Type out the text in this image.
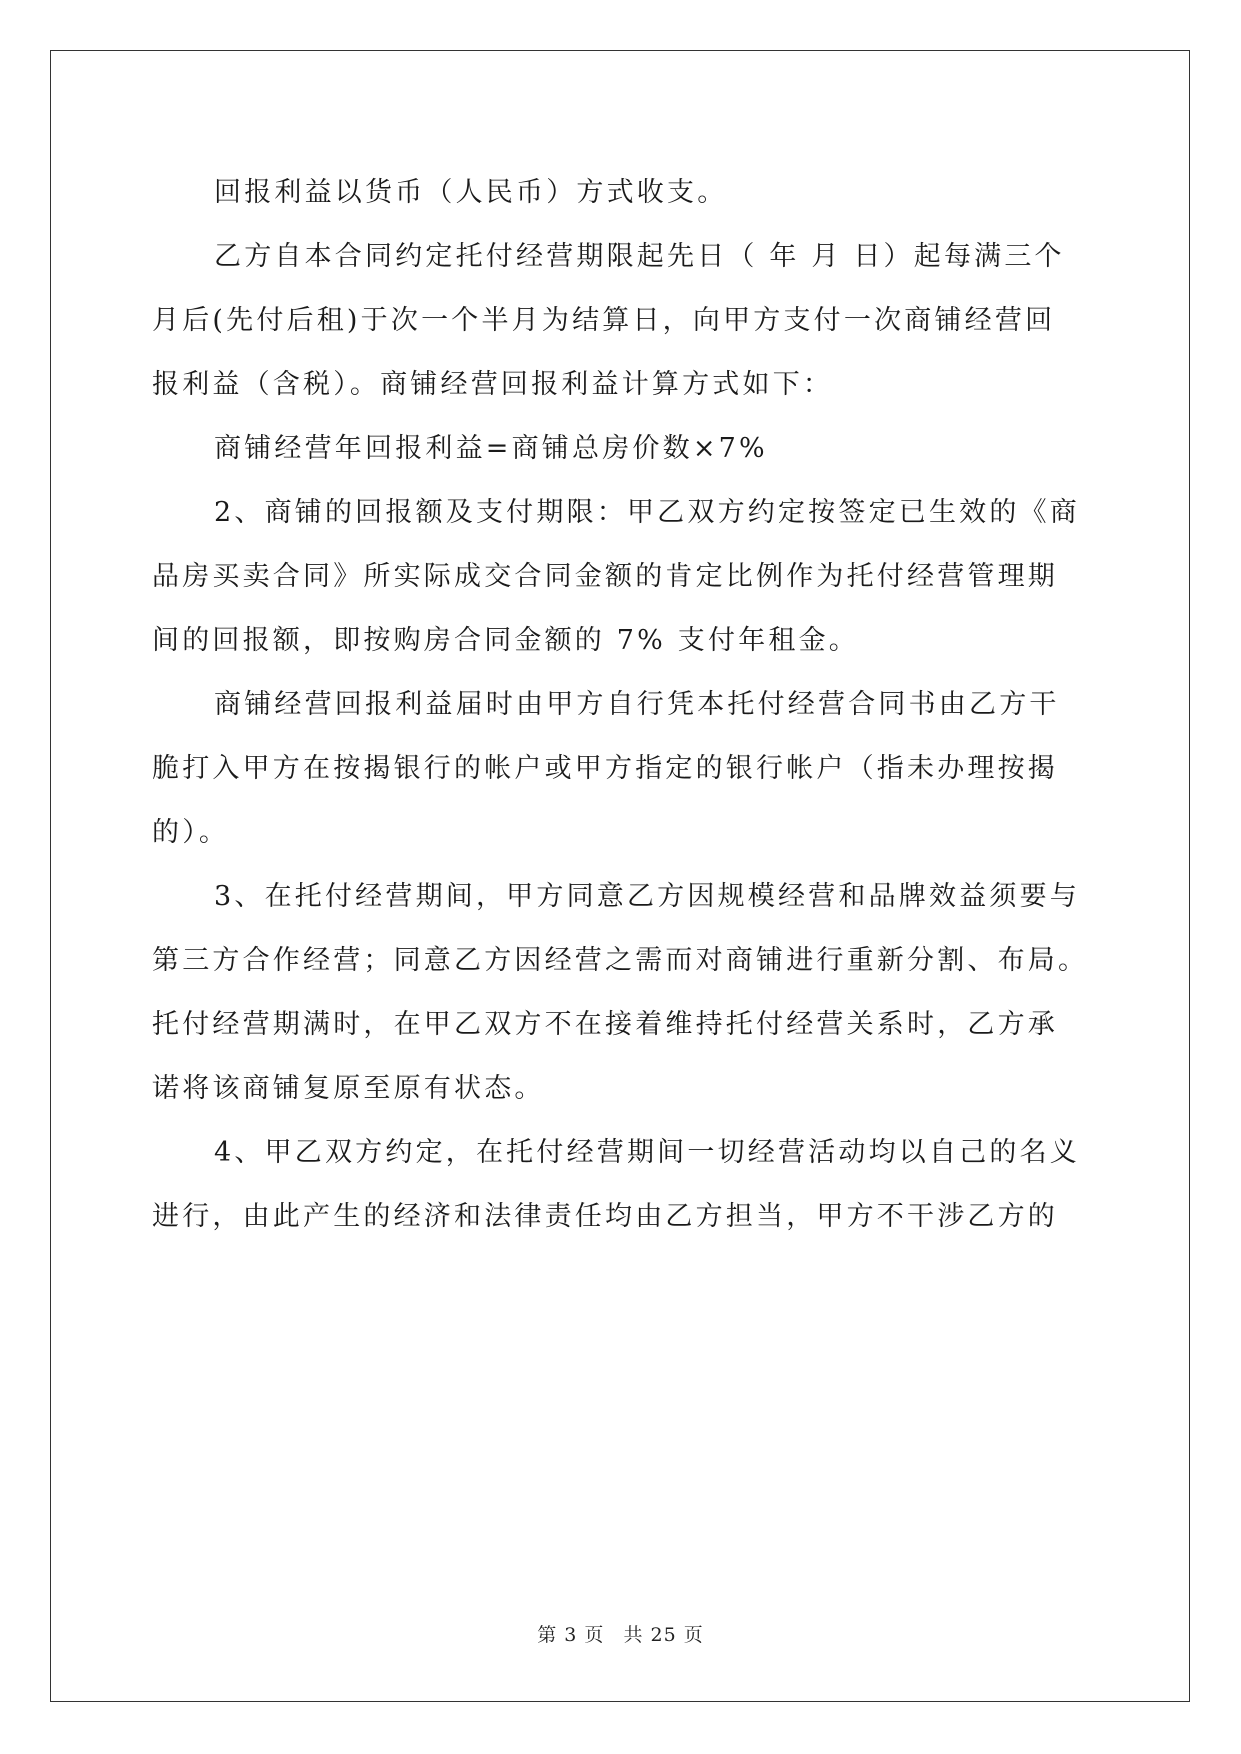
回报利益以货币（人民币）方式收支。

乙方自本合同约定托付经营期限起先日（ 年 月 日）起每满三个
月后(先付后租)于次一个半月为结算日，向甲方支付一次商铺经营回
报利益（含税）。商铺经营回报利益计算方式如下：

商铺经营年回报利益=商铺总房价数×7%

2、商铺的回报额及支付期限：甲乙双方约定按签定已生效的《商
品房买卖合同》所实际成交合同金额的肯定比例作为托付经营管理期
间的回报额，即按购房合同金额的 7% 支付年租金。

商铺经营回报利益届时由甲方自行凭本托付经营合同书由乙方干
脆打入甲方在按揭银行的帐户或甲方指定的银行帐户（指未办理按揭
的）。

3、在托付经营期间，甲方同意乙方因规模经营和品牌效益须要与
第三方合作经营；同意乙方因经营之需而对商铺进行重新分割、布局。
托付经营期满时，在甲乙双方不在接着维持托付经营关系时，乙方承
诺将该商铺复原至原有状态。

4、甲乙双方约定，在托付经营期间一切经营活动均以自己的名义
进行，由此产生的经济和法律责任均由乙方担当，甲方不干涉乙方的

第 3 页 共 25 页
